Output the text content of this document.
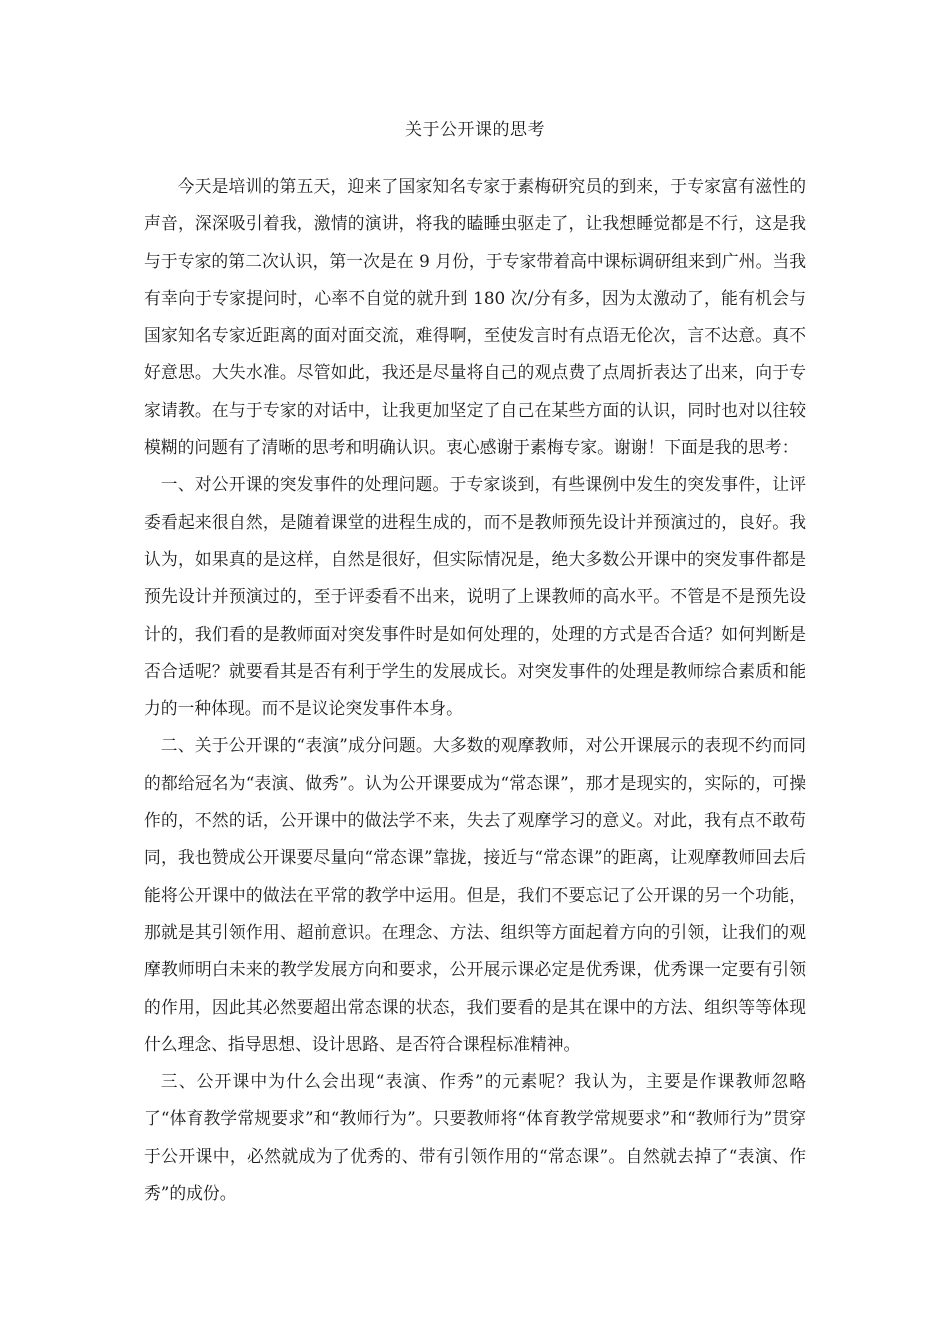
关于公开课的思考

今天是培训的第五天，迎来了国家知名专家于素梅研究员的到来，于专家富有滋性的声音，深深吸引着我，激情的演讲，将我的瞌睡虫驱走了，让我想睡觉都是不行，这是我与于专家的第二次认识，第一次是在 9 月份，于专家带着高中课标调研组来到广州。当我有幸向于专家提问时，心率不自觉的就升到 180 次/分有多，因为太激动了，能有机会与国家知名专家近距离的面对面交流，难得啊，至使发言时有点语无伦次，言不达意。真不好意思。大失水准。尽管如此，我还是尽量将自己的观点费了点周折表达了出来，向于专家请教。在与于专家的对话中，让我更加坚定了自己在某些方面的认识，同时也对以往较模糊的问题有了清晰的思考和明确认识。衷心感谢于素梅专家。谢谢！下面是我的思考：

一、对公开课的突发事件的处理问题。于专家谈到，有些课例中发生的突发事件，让评委看起来很自然，是随着课堂的进程生成的，而不是教师预先设计并预演过的，良好。我认为，如果真的是这样，自然是很好，但实际情况是，绝大多数公开课中的突发事件都是预先设计并预演过的，至于评委看不出来，说明了上课教师的高水平。不管是不是预先设计的，我们看的是教师面对突发事件时是如何处理的，处理的方式是否合适？如何判断是否合适呢？就要看其是否有利于学生的发展成长。对突发事件的处理是教师综合素质和能力的一种体现。而不是议论突发事件本身。

二、关于公开课的“表演”成分问题。大多数的观摩教师，对公开课展示的表现不约而同的都给冠名为“表演、做秀”。认为公开课要成为“常态课”，那才是现实的，实际的，可操作的，不然的话，公开课中的做法学不来，失去了观摩学习的意义。对此，我有点不敢苟同，我也赞成公开课要尽量向“常态课”靠拢，接近与“常态课”的距离，让观摩教师回去后能将公开课中的做法在平常的教学中运用。但是，我们不要忘记了公开课的另一个功能，那就是其引领作用、超前意识。在理念、方法、组织等方面起着方向的引领，让我们的观摩教师明白未来的教学发展方向和要求，公开展示课必定是优秀课，优秀课一定要有引领的作用，因此其必然要超出常态课的状态，我们要看的是其在课中的方法、组织等等体现什么理念、指导思想、设计思路、是否符合课程标准精神。

三、公开课中为什么会出现“表演、作秀”的元素呢？我认为，主要是作课教师忽略了“体育教学常规要求”和“教师行为”。只要教师将“体育教学常规要求”和“教师行为”贯穿于公开课中，必然就成为了优秀的、带有引领作用的“常态课”。自然就去掉了“表演、作秀”的成份。
